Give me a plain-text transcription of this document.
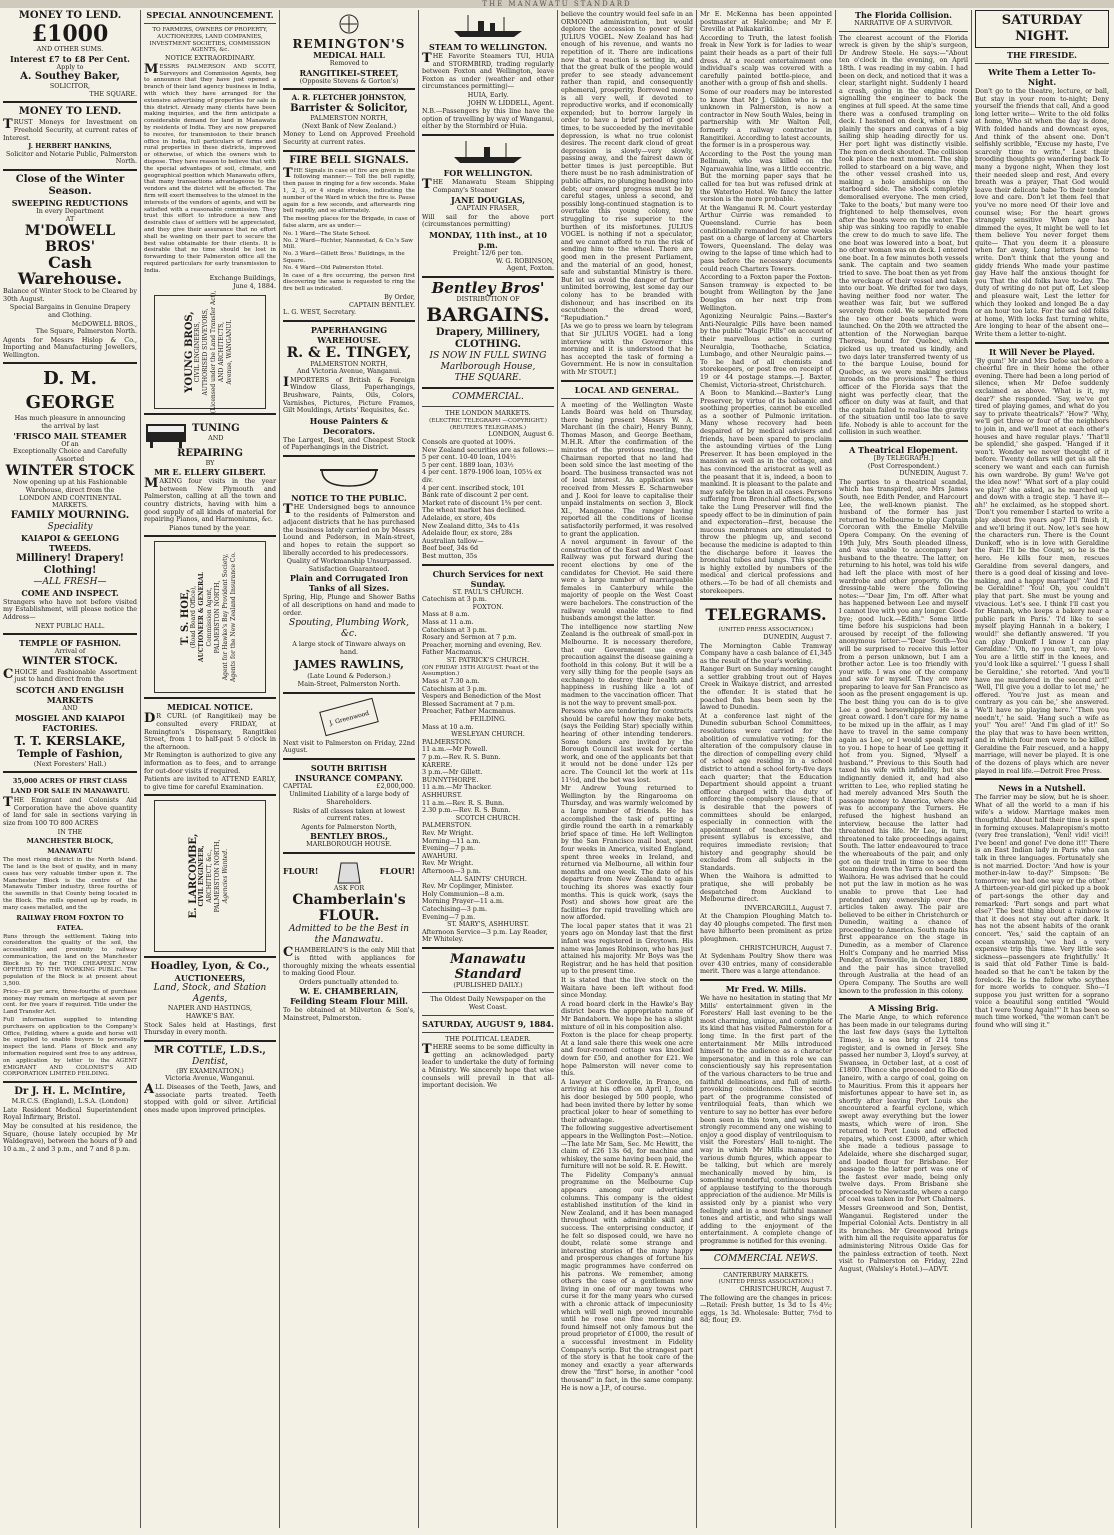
THE MANAWATU STANDARD
MONEY TO LEND.
£1000
AND OTHER SUMS.
Interest £7 to £8 Per Cent.
Apply to
A. Southey Baker,
SOLICITOR,
THE SQUARE.
MONEY TO LEND.

TRUST Moneys for Investment on Freehold Security, at current rates of Interest.

J. HERBERT HANKINS,
Solicitor and Notarie Public, Palmerston North.
Close of the Winter Season.
SWEEPING REDUCTIONS
In every Department
AT
M'DOWELL BROS'
Cash Warehouse.

Balance of Winter Stock to be Cleared by 30th August.

Special Bargains in Genuine Drapery and Clothing.

McDOWELL BROS.,
The Square, Palmerston North.

Agents for Messrs Hislop & Co., Importing and Manufacturing Jewellers, Wellington.

D. M. GEORGE
Has much pleasure in announcing
the arrival by last
'FRISCO MAIL STEAMER
Of an
Exceptionally Choice and Carefully Assorted
WINTER STOCK
Now opening up at his Fashionable Warehouse, direct from the
LONDON AND CONTINENTAL MARKETS.
FAMILY MOURNING.
Speciality
KAIAPOI & GEELONG TWEEDS.
Millinery! Drapery! Clothing!
—ALL FRESH—
COME AND INSPECT.

Strangers who have not before visited my Establishment, will please notice the Address—

NEXT PUBLIC HALL.
TEMPLE OF FASHION.
Arrival of
WINTER STOCK.

CHOICE and Fashionable Assortment just to hand direct from the

SCOTCH AND ENGLISH MARKETS
AND
MOSGIEL AND KAIAPOI FACTORIES.
T. T. KERSLAKE,
Temple of Fashion,
(Next Foresters' Hall.)
35,000 ACRES OF FIRST CLASS LAND FOR SALE IN MANAWATU.

THE Emigrant and Colonists Aid Corporation have the above quantity of land for sale in sections varying in size from 100 TO 800 ACRES

IN THE
MANCHESTER BLOCK, MANAWATU

The most rising district in the North Island. The land is the best of quality, and in many cases has very valuable timber upon it. The Manchester Block is the centre of the Manawatu Timber industry, three fourths of the sawmills in that County being located in the Block. The mills opened up by roads, in many cases metalled, and the

RAILWAY FROM FOXTON TO FATEA.

Runs through the settlement. Taking into consideration the quality of the soil, the accessibility and proximity to railway communication, the land on the Manchester Block is by far THE CHEAPEST NOW OFFERED TO THE WORKING PUBLIC. The population of the Block is at present about 3,500.

Price—£6 per acre, three-fourths of purchase money may remain on mortgage at seven per cent. for five years if required. Title under the Land Transfer Act.

Full information supplied to intending purchasers on application to the Company's Office, Feilding, where a guide and horse will be supplied to enable buyers to personally inspect the land. Plans of Block and any information required sent free to any address, on application by letter to the AGENT EMIGRANT AND COLONIST'S AID CORPORATION LIMITED FEILDING.

Dr J. H. L. McIntire,
M.R.C.S. (England), L.S.A. (London)

Late Resident Medical Superintendent Royal Infirmary, Bristol.

May be consulted at his residence, the Square, (house lately occupied by Mr Waldegrave), between the hours of 9 and 10 a.m., 2 and 3 p.m., and 7 and 8 p.m.

SPECIAL ANNOUNCEMENT.

TO FARMERS, OWNERS OF PROPERTY, AUCTIONEERS, LAND COMPANIES, INVESTMENT SOCIETIES, COMMISSION AGENTS, &c.

NOTICE EXTRAORDINARY.

MESSRS PALMERSON AND SCOTT, Surveyors and Commission Agents, beg to announce that they have just opened a branch of their land agency business in India, with which they have arranged for the extensive advertising of properties for sale in this district. Already many clients have been making inquiries, and the firm anticipate a considerable demand for land in Manawatu by residents of India. They are now prepared to receive, for transmission to their branch office in India, full particulars of farms and rural properties in these districts, improved or otherwise, of which the owners wish to dispose. They have reason to believe that with the special advantages of soil, climate, and geographical position which Manawatu offers, that many transactions advantageous to the vendors and the district will be effected. The firm will exert themselves to the utmost in the interests of the vendors of agents, and will be satisfied with a reasonable commission. They trust this effort to introduce a new and desirable class of settlers will be appreciated, and they give their assurance that no effort shall be wanting on their part to secure the best value obtainable for their clients. It is desirable that no time should be lost in forwarding to their Palmerston office all the required particulars for early transmission to India.

Exchange Buildings,
June 4, 1884.
YOUNG BROS, CIVIL ENGINEERS, AUTHORISED SURVEYORS, (Licensed under the Land Transfer Act), AND ARCHITECTS, Avenue, WANGANUI.
TUNING
AND
REPAIRING
BY
MR E. ELLERY GILBERT.

MAKING four visits in the year between New Plymouth and Palmerston, calling at all the town and country districts, having with him a good supply of all kinds of material for repairing Pianos, and Harmoniums, &c.

Pianos tuned by the year.
T. S. HOE, (Road Board Office), AUCTIONEER & GENERAL Commission Agent, PALMERSTON NORTH, Agent for Hawke's Bay Provident Society, Agents for the New Zealand Insurance Co.
MEDICAL NOTICE.

DR CURL (of Rangitikei) may be consulted every FRIDAY, at Remington's Dispensary, Rangitikei Street, from 1 to half-past 5 o'clock in the afternoon.

Mr Remington is authorized to give any information as to fees, and to arrange for out-door visits if required.

Patients are invited to ATTEND EARLY, to give time for careful Examination.

E. LARCOMBE, CIVIL ENGINEER, ARCHITECT, &c., PALMERSTON NORTH, Agencies Wanted.
Hoadley, Lyon, & Co.,
AUCTIONEERS,
Land, Stock, and Station Agents,
NAPIER AND HASTINGS,
HAWKE'S BAY.

Stock Sales held at Hastings, first Thursday in every month.

MR COTTLE, L.D.S.,
Dentist,
(BY EXAMINATION.)
Victoria Avenue, Wanganui.

ALL Diseases of the Teeth, Jaws, and associate parts treated. Teeth stopped with gold or silver. Artificial ones made upon improved principles.

REMINGTON'S
MEDICAL HALL
Removed to
RANGITIKEI-STREET,
(Opposite Stevens & Gorton's)
A. R. FLETCHER JOHNSTON,
Barrister & Solicitor,
PALMERSTON NORTH,
(Next Bank of New Zealand.)

Money to Lend on Approved Freehold Security at current rates.

FIRE BELL SIGNALS.

THE Signals in case of fire are given in the following manner:— Toll the bell rapidly, then pause in ringing for a few seconds. Make 1, 2, 3, or 4 single strokes, indicating the number of the Ward in which the fire is. Pause again for a few seconds, and afterwards ring bell rapidly, and so alternately.

The meeting places for the Brigade, in case of false alarm, are as under:—

No. 1 Ward—The State School.
No. 2 Ward—Richter, Nannestad, & Co.'s Saw Mill.
No. 3 Ward—Gillett Bros.' Buildings, in the Square.
No. 4 Ward—Old Palmerston Hotel.

In case of a fire occurring, the person first discovering the same is requested to ring the fire bell as indicated.

By Order,
CAPTAIN BENTLEY.
L. G. WEST, Secretary.
PAPERHANGING WAREHOUSE.
R. & E. TINGEY,
PALMERSTON NORTH,
And Victoria Avenue, Wanganui.

IMPORTERS of British & Foreign Window Glass, Paperhangings, Brushware, Paints, Oils, Colors, Varnishes, Pictures, Picture Frames, Gilt Mouldings, Artists' Requisites, &c.

House Painters & Decorators.

The Largest, Best, and Cheapest Stock of Paperhangings in the District.

NOTICE TO THE PUBLIC.

THE Undersigned begs to announce to the residents of Palmerston and adjacent districts that he has purchased the business lately carried on by Messrs Lound and Pederson, in Main-street, and hopes to retain the support so liberally accorded to his predecessors.

Quality of Workmanship Unsurpassed.
Satisfaction Guaranteed.
Plain and Corrugated Iron Tanks of all Sizes.

Spring, Hip, Plunge and Shower Baths of all descriptions on hand and made to order.

Spouting, Plumbing Work, &c.

A large stock of Tinware always on hand.

JAMES RAWLINS,
(Late Lound & Pederson.)
Main-Street, Palmerston North.
J. Greenwood

Next visit to Palmerston on Friday, 22nd August.

SOUTH BRITISH INSURANCE COMPANY.
CAPITAL	£2,000,000.

Unlimited Liability of a large body of Shareholders.

Risks of all classes taken at lowest current rates.

Agents for Palmerston North,
BENTLEY BROS.,
MARLBOROUGH HOUSE.
FLOUR!	FLOUR!
ASK FOR
Chamberlain's FLOUR.
Admitted to be the Best in the Manawatu.

CHAMBERLAIN'S is the only Mill that is fitted with appliances for thoroughly mixing the wheats essential to making Good Flour.

Orders punctually attended to.
W. E. CHAMBERLAIN,
Feilding Steam Flour Mill.

To be obtained at Milverton & Son's, Mainstreet, Palmerston.

STEAM TO WELLINGTON.

THE Favorite Steamers TUI, HUIA and STORMBIRD, trading regularly between Foxton and Wellington, leave Foxton as under (weather and other circumstances permitting)—

HUIA, Early.
JOHN W. LIDDELL, Agent.

N.B.—Passengers by this line have the option of travelling by way of Wanganui, either by the Stormbird or Huia.

FOR WELLINGTON.

THE Manawatu Steam Shipping Company's Steamer

JANE DOUGLAS,
CAPTAIN FRASER,

Will sail for the above port (circumstances permitting)

MONDAY, 11th inst., at 10 p.m.
Freight: 12/6 per ton.
W. G. ROBINSON,
Agent, Foxton.
Bentley Bros'
DISTRIBUTION OF
BARGAINS.
Drapery, Millinery,
CLOTHING.
IS NOW IN FULL SWING
Marlborough House,
THE SQUARE.
COMMERCIAL.
THE LONDON MARKETS.
(ELECTRIC TELEGRAPH —COPYRIGHT.) (REUTER'S TELEGRAMS.)
LONDON, August 6.
Consols are quoted at 100⅝.
New Zealand securities are as follows:—
5 per cent. 10-40 loan, 104½
5 per cent. 1889 loan, 103½
4 per cent. 1879-1906 loan, 105¼ ex div.
4 per cent. inscribed stock, 101
Bank rate of discount 2 per cent.
Market rate of discount 1⅝ per cent.
The wheat market has declined.
Adelaide, ex store, 40s
New Zealand ditto, 34s to 41s
Adelaide flour, ex store, 28s
Australian tallow—
Beef beef, 34s 6d
Best mutton, 35s
Church Services for next Sunday.
ST. PAUL'S CHURCH.
Catechism at 3 p.m.
FOXTON.
Mass at 8 a.m.
Mass at 11 a.m.
Catechism at 3 p.m.
Rosary and Sermon at 7 p.m.
Preacher, morning and evening, Rev. Father Macmanus.
ST. PATRICK'S CHURCH.
(ON FRIDAY 15TH AUGUST. Feast of the Assumption.)
Mass at 7.30 a.m.
Catechism at 3 p.m.
Vespers and Benediction of the Most Blessed Sacrament at 7 p.m.
Preacher, Father Macmanus.
FEILDING.
Mass at 10 a.m.
WESLEYAN CHURCH.
PALMERSTON.
11 a.m.—Mr Powell.
7 p.m.—Rev. R. S. Bunn.
KARERE.
3 p.m.—Mr Gillett.
BUNNYTHORPE.
11 a.m.—Mr Thacker.
ASHHURST.
11 a.m.—Rev. R. S. Bunn.
2.30 p.m.—Rev. R. S. Bunn.
SCOTCH CHURCH.
PALMERSTON.
Rev. Mr Wright.
Morning—11 a.m.
Evening—7 p.m.
AWAHURI.
Rev. Mr Wright.
Afternoon—3 p.m.
ALL SAINTS' CHURCH.
Rev. Mr Coplinger, Minister.
Holy Communion—8 a.m.
Morning Prayer—11 a.m.
Catechising—3 p.m.
Evening—7 p.m.
ST. MARY'S, ASHHURST.
Afternoon Service—3 p.m. Lay Reader, Mr Whiteley.
Manawatu Standard
(PUBLISHED DAILY.)
The Oldest Daily Newspaper on the West Coast.
SATURDAY, AUGUST 9, 1884.
THE POLITICAL LEADER.

THERE seems to be some difficulty in getting an acknowledged party leader to undertake the duty of forming a Ministry. We sincerely hope that wise counsels will prevail in that all-important decision. We

believe the country would feel safe in an ORMOND administration, but would deplore the accession to power of Sir JULIUS VOGEL. New Zealand has had enough of his revenue, and wants no repetition of it. There are indications now that a reaction is setting in, and that the great bulk of the people would prefer to see steady advancement rather than rapid, and consequently ephemeral, prosperity. Borrowed money is all very well, if devoted to reproductive works, and if economically expended; but to borrow largely in order to have a brief period of good times, to be succeeded by the inevitable depression, is what no true colonist desires. The recent dark cloud of great depression is slowly—very slowly, passing away, and the fairest dawn of better times is just perceptible. But there must be no rash administration of public affairs, no plunging headlong into debt; our onward progress must be by careful stages, unless a second, and possibly long-continued stagnation is to overtake this young colony, now struggling to rise superior to the burthen of its misfortunes. JULIUS VOGEL is nothing if not a speculator, and we cannot afford to run the risk of sending him to the wheel. There are good men in the present Parliament, and the material of an good, honest, safe and substantial Ministry is there. But let us avoid the danger of further unlimited borrowing, lest some day our colony has to be branded with dishonour, and has inscribed on its escutcheon the dread word, "Repudiation."

[As we go to press we learn by telegram that Sir JULIUS VOGEL had a long interview with the Governor this morning and it is understood that he has accepted the task of forming a Government. He is now in consultation with Mr STOUT.]

LOCAL AND GENERAL.

A meeting of the Wellington Waste Lands Board was held on Thursday, there being present Messrs W. A. Marchant (in the chair), Henry Bunny, Thomas Mason, and George Beetham, M.H.R. After the confirmation of the minutes of the previous meeting, the Chairman reported that no land had been sold since the last meeting of the board. The business transacted was not of local interest. An application was received from Messrs E. Scharnweber and J. Kooi for leave to capitalise their unpaid instalments on section 3, Block XI., Mangaone. The ranger having reported all the conditions of license satisfactorily performed, it was resolved to grant the application.

A novel argument in favour of the construction of the East and West Coast Railway was put forward during the recent elections by one of the candidates for Cheviot. He said there were a large number of marriageable females in Canterbury while the majority of people on the West Coast were bachelors. The construction of the railway would enable those to find husbands amongst the latter.

The intelligence now startling New Zealand is the outbreak of small-pox in Melbourne. It is necessary therefore, that our Government use every precaution against the disease gaining a foothold in this colony. But it will be a very silly thing for the people (says an exchange) to destroy their health and happiness in rushing like a lot of madmen to the vaccination officer. That is not the way to prevent small-pox.

Persons who are tendering for contracts should be careful how they make bets, (says the Feilding Star) specially within hearing of other intending tenderers. Some tenders are invited by the Borough Council last week for certain work, and one of the applicants bet that it would not be done under 12s per acre. The Council let the work at 11s 11½d, and the bet was lost.

Mr Andrew Young returned to Wellington by the Ringarooma on Thursday, and was warmly welcomed by a large number of friends. He has accomplished the task of putting a girdle round the earth in a remarkably brief space of time. He left Wellington by the San Francisco mail boat, spent four weeks in America, visited England, spent three weeks in Ireland, and returned via Melbourne, all within four months and one week. The date of his departure from New Zealand to again touching its shores was exactly four months. This is quick work, (says the Post) and shows how great are the facilities for rapid travelling which are now afforded.

The local paper states that it was 21 years ago on Monday last that the first infant was registered in Greytown. His name was James Robinson, who has just attained his majority. Mr Boys was the Registrar, and he has held that position up to the present time.

It is stated that the live stock on the Waitara have been left without food since Monday.

A road board clerk in the Hawke's Bay district bears the appropriate name of Mr Bandaborn. We hope he has a slight mixture of oil in his composition also.

Foxton is the place for cheap property. At a land sale there this week one acre and four-roomed cottage was knocked down for £50, and another for £21. We hope Palmerston will never come to this.

A lawyer at Cordovelle, in France, on arriving at his office on April 1, found his door besieged by 500 people, who had been invited there by letter by some practical joker to hear of something to their advantage.

The following suggestive advertisement appears in the Wellington Post:—Notice.—The late Mr Sam, Sec. Mc Hewitt, the claim of £26 13s 6d, for machine and whiskey, the same having been paid, the furniture will not be sold. R. E. Hewitt.

The Fidelity Company's annual programme on the Melbourne Cup appears among our advertising columns. This company is the oldest established institution of the kind in New Zealand, and it has been managed throughout with admirable skill and success. The enterprising conductor, if he felt so disposed could, we have no doubt, relate some strange and interesting stories of the many happy and prosperous changes of fortune his magic programmes have conferred on his patrons. We remember, among others the case of a gentleman now living in one of our many towns who curse it for the many years who cursed with a chronic attack of impecuniosity which will well nigh proved incurable until he rose one fine morning and found himself not only famous but the proud proprietor of £1000, the result of a successful investment in Fidelity Company's scrip. But the strangest part of the story is that he took care of the money and exactly a year afterwards drew the "first" horse, in another "cool thousand" in fact, in the same company. He is now a J.P., of course.

Mr E. McKenna has been appointed postmaster at Halcombe; and Mr F. Greville at Paikakariki.

According to Truth, the latest foolish freak in New York is for ladies to wear paint their heads as a part of their full dress. At a recent entertainment one individual's scalp was covered with a carefully painted bottle-piece, and another with a group of fish and shells.

Some of our readers may be interested to know that Mr J. Gilden who is not unknown in Palmerston, is now a contractor in New South Wales, being in partnership with Mr Walton Pell, formerly a railway contractor in Rangitikei. According to latest accounts, the former is in a prosperous way.

According to the Post the young man Bellmain, who was killed on the Ngaruawahia line, was a little eccentric. But the morning paper says that he called for tea but was refused drink at the Waterloo Hotel. We fancy the latter version is the more probable.

At the Wanganui R. M. Court yesterday Arthur Currie was remanded to Queensland. Currie has been conditionally remanded for some weeks past on a charge of larceny at Charters Towers, Queensland. The delay was owing to the lapse of time which had to pass before the necessary documents could reach Charters Towers.

According to a Foxton paper the Foxton-Sanson tramway is expected to be bought from Wellington by the Jane Douglas on her next trip from Wellington.

Agonizing Neuralgic Pains.—Baxter's Anti-Neuralgic Pills have been named by the public "Magic Pills" on account of their marvellous action in curing Neuralgia, Toothache, Sciatica, Lumbago, and other Neuralgic pains.—To be had of all chemists and storekeepers, or post free on receipt of 19 or 44 postage stamps.—J. Baxter, Chemist, Victoria-street, Christchurch.

A Boon to Mankind.—Baxter's Lung Preserver, by virtue of its balsamic and soothing properties, cannot be excelled as a soother of Pulmonic irritation. Many whose recovery had been despaired of by medical advisers and friends, have been spared to proclaim the astounding virtues of the Lung Preserver. It has been employed in the mansion as well as in the cottage, and has convinced the aristocrat as well as the peasant that it is, indeed, a boon to mankind. It is pleasant to the palate and may safely be taken in all cases. Persons suffering from Bronchial affections, who take the Lung Preserver will find the speedy effect to be in diminution of pain and expectoration—first, because the mucous membranes are stimulated to throw the phlegm up, and second because the medicine is adapted to thin the discharge before it leaves the bronchial tubes and lungs. This specific is highly extolled by numbers of the medical and clerical professions and others.—To be had of all chemists and storekeepers.

TELEGRAMS.
(UNITED PRESS ASSOCIATION.)
DUNEDIN, August 7.

The Mornington Cable Tramway Company have a cash balance of £1,345 as the result of the year's working.

Ranger Burt on Sunday morning caught a settler grabbing trout out of Hayes Creek in Waikaye district, and arrested the offender. It is stated that he poached fish has been seen by the lawed to Dunedin.

At a conference last night of the Dunedin suburban School Committees, resolutions were carried for the abolition of cumulative voting; for the alteration of the compulsory clause in the direction of compelling every child of school age residing in a school district to attend a school forty-five days each quarter; that the Education Department should appoint a truant officer charged with the duty of enforcing the compulsory clause; that it is desirable that the powers of committees should be enlarged, especially in connection with the appointment of teachers; that the present syllabus is excessive, and requires immediate revision; that history and geography should be excluded from all subjects in the Standards.

When the Waihora is admitted to pratique, she will probably be despatched from Auckland to Melbourne direct.

INVERCARGILL, August 7.

At the Champion Ploughing Match to-day 40 ploughs competed. The first men have hitherto been prominent as prize ploughmen.

CHRISTCHURCH, August 7.

At Sydenham Poultry Show there was over 430 entries, many of considerable merit. There was a large attendance.

Mr Fred. W. Mills.

We have no hesitation in stating that Mr Mills' entertainment given in the Foresters' Hall last evening to be the most charming, unique, and complete of its kind that has visited Palmerston for a long time. In the first part of the entertainment Mr Mills introduced himself to the audience as a character impersonator, and in this role we can conscientiously say his representation of the various characters to be true and faithful delineations, and full of mirth-provoking coincidences. The second part of the programme consisted of ventriloquial feats, than which we venture to say no better has ever before been seen in this town, and we would strongly recommend any one wishing to enjoy a good display of ventriloquism to visit the Foresters' Hall to-night. The way in which Mr Mills manages the various dumb figures, which appear to be talking, but which are merely mechanically moved by him, is something wonderful, continuous bursts of applause testifying to the thorough appreciation of the audience. Mr Mills is assisted only by a pianist who very feelingly and in a most faithful manner tones and artistic, and who sings wall adding to the enjoyment of the entertainment. A complete change of programme is notified for this evening.

COMMERCIAL NEWS.
CANTERBURY MARKETS.
(UNITED PRESS ASSOCIATION.)
CHRISTCHURCH, August 7.

The following are the changes in prices:—Retail: Fresh butter, 1s 3d to 1s 4½; eggs, 1s 3d. Wholesale: Butter, 7½d to 8d; flour, £9.

The Florida Collision.
NARRATIVE OF A SURVIVOR.

The clearest account of the Florida wreck is given by the ship's surgeon, Dr Andrew Steele. He says:—"About ten o'clock in the evening, on April 18th. I was reading in my cabin. I had been on deck, and noticed that it was a clear, starlight night. Suddenly I heard a crash, going in the engine room signalling the engineer to back the engines at full speed. At the same time there was a confused trampling on deck. I hastened on deck, when I saw plainly the spars and canvas of a big sailing ship heading directly for us. Her port light was distinctly visible. The men on deck shouted. The collision took place the next moment. The ship rolled to starboard on a big wave, and the other vessel crashed into us, making a hole amidships on the starboard side. The shock completely demoralised everyone. The men cried, 'Take to the boats,' but many were too frightened to help themselves, even after the boats were on the water. The ship was sinking too rapidly to enable the crew to do much to save life. The one boat was lowered into a boat, but no other woman was on deck. I entered one boat. In a few minutes both vessels sank. The captain and two seamen tried to save. The boat then as yet from the wreckage of their vessel and taken into our boat. We drifted for two days, having neither food nor water. The weather was fair, but we suffered severely from cold. We separated from the two other boats which were launched. On the 20th we attracted the attention of the Norwegian barque Theresa, bound for Quebec, which picked us up, treated us kindly, and two days later transferred twenty of us to the barque Louise, bound for Quebec, as we were making serious inroads on the provisions." The third officer of the Florida says that the night was perfectly clear, that the officer on duty was at fault, and that the captain failed to realise the gravity of the situation until too late to save life. Nobody is able to account for the collision in such weather.

A Theatrical Elopement.
[By TELEGRAPH.]
(Post Correspondent.)
DUNEDIN, August 7.

The parties to a theatrical scandal, which has transpired, are Mrs James South, nee Edith Pender, and Harcourt Lee, the well-known pianist. The husband of the former has just returned to Melbourne to play Captain Corcoran with the Emelie Melville Opera Company. On the evening of 19th July, Mrs South pleaded illness, and was unable to accompany her husband to the theatre. The latter, on returning to his hotel, was told his wife had left the place with most of her wardrobe and other property. On the dressing-table were the following notes:—"Dear Jim, I'm off. After what has happened between Lee and myself I cannot live with you any longer. Good-bye; good luck.—Edith." Some little time before his suspicions had been aroused by receipt of the following anonymous letter:—"Dear South—You will be surprised to receive this letter from a person unknown, but I am a brother actor. Lee is too friendly with your wife. I was one of the company and saw for myself. They are now preparing to leave for San Francisco as soon as the present engagement is up. The best thing you can do is to give Lee a good horsewhipping. He is a great coward. I don't care for my name to be mixed up in the affair, as I may have to travel in the same company again as Lee, or I would speak myself to you. I hope to hear of Lee getting it hot from you. Signed, 'Myself a husband.'" Previous to this South had taxed his wife with infidelity, but she indignantly denied it, and had also written to Lee, who replied stating he had merely advanced Mrs South the passage money to America, where she was to accompany the Turners. He refused the highest husband an interview, because the latter had threatened his life. Mr Lee, in turn, threatened to take proceedings against South. The latter endeavoured to trace the whereabouts of the pair, and only got on their trail in time to see them steaming down the Yarra on board the Waihora. He was advised that he could not put the law in motion as he was unable to prove that Lee had pretended any ownership over the articles taken away. The pair are believed to be either in Christchurch or Dunedin, waiting a chance of proceeding to America. South made his first appearance on the stage in Dunedin, as a member of Clarence Holt's Company and he married Miss Pender, at Townsville, in October, 1880, and the pair has since travelled through Australia at the head of an Opera Company. The Souths are well known to the profession in this colony.

A Missing Brig.

The Marie Ange, to which reference has been made in our telegrams during the last few days (says the Lyttelton Times), is a sea brig of 214 tons register, and is owned in Jersey. She passed her number 3, Lloyd's survey, at Swansea, in October last, at a cost of £1800. Thence she proceeded to Rio de Janeiro, with a cargo of coal, going on to Mauritius. From this it appears her misfortunes appear to have set in, as shortly after leaving Port Louis she encountered a fearful cyclone, which swept away everything but the lower masts, which were of iron. She returned to Port Louis and effected repairs, which cost £3000, after which she made a tedious passage to Adelaide, where she discharged sugar, and loaded flour for Brisbane. Her passage to the latter port was one of the fastest ever made, being only twelve days. From Brisbane she proceeded to Newcastle, where a cargo of coal was taken in for Port Chalmers.

Messrs Greenwood and Son, Dentist, Wanganui. Registered under the Imperial Colonial Acts. Dentistry in all its branches. Mr Greenwood brings with him all the requisite apparatus for administering Nitrous Oxide Gas for the painless extraction of teeth. Next visit to Palmerston on Friday, 22nd August, (Walsley's Hotel.)—ADVT.

SATURDAY NIGHT.
THE FIRESIDE.
Write Them a Letter To-Night.

Don't go to the theatre, lecture, or ball, But stay in your room to-night; Deny yourself the friends that call, And a good long letter write— Write to the old folks at home, Who sit when the day is done, With folded hands and downcast eyes, And think of the absent one. Don't selfishly scribble, "Excuse my haste, I've scarcely time to write," Lest their brooding thoughts go wandering back To many a bygone night, When they lost their needed sleep and rest, And every breath was a prayer, That God would leave their delicate babe To their tender love and care. Don't let them feel that you've no more need Of their love and counsel wise; For the heart grows strangely sensitive When age has dimmed the eyes, It might be well to let them believe You never forget them quite— That you deem it a pleasure when far away, Long letters home to write. Don't think that the young and giddy friends Who made your pastime gay Have half the anxious thought for you That the old folks have to-day. The duty of writing do not put off, Let sleep and pleasure wait, Lest the letter for which they looked and longed Be a day or an hour too late. For the sad old folks at home, With locks fast turning white, Are longing to hear of the absent one— Write them a letter to-night.

It Will Never be Played.

'By gum!' Mr and Mrs Defoe sat before a cheerful fire in their home the other evening. There had been a long period of silence, when Mr Defoe suddenly exclaimed as above. 'What is it, my dear?' she responded. 'Say, we've got tired of playing games, and what do you say to private theatricals?' 'How?' 'Why, we'll get three or four of the neighbors to join in, and we'll meet at each other's houses and have regular plays.' 'That'll be splendid,' she gasped. 'Hanged if it won't. Wonder we never thought of it before. Twenty dollars will get us all the scenery we want and each can furnish his own wardrobe. By gum! We've got the idea now!' 'What sort of a play could we play?' she asked, as he marched up and down with a tragic step. 'I have it—ah!' he exclaimed, as he stopped short. 'Don't you remember I started to write a play about five years ago? I'll finish it, and we'll bring it out. Now, let's see how the characters run. There is the Count Dunkoff, who is in love with Geraldine the Fair. I'll be the Count, so he is the hero. He kills four men, rescues Geraldine from several dangers, and there is a good deal of kissing and love-making, and a happy marriage!' 'And I'll be Geraldine!' 'You! Oh, you couldn't play that part. She must be young and vivacious. Let's see. I think I'll cast you for Hannah, who keeps a bakery near a public park in Paris.' 'I'd like to see myself playing Hannah in a bakery, I would!' she defiantly answered. 'If you can play Dunkoff I know I can play Geraldine.' 'Oh, no you can't, my love. You are a little stiff in the knees, and you'd look like a squirrel.' 'I guess I shall be Geraldine,' she retorted. 'And you'll have me murdered in the second act!' 'Well, I'll give you a dollar to let me,' he offered. 'You're just as mean and contrary as you can be,' she answered. 'We'll have no playing here.' 'Then you needn't,' he said. 'Hang such a wife as you!' 'You are!' 'And I'm glad of it!' So the play that was to have been written, and in which four men were to be killed, Geraldine the Fair rescued, and a happy marriage, will never be played. It is one of the dozens of plays which are never played in real life.—Detroit Free Press.

News in a Nutshell.

The farrier may be slow, but he is shoer. What of all the world to a man if his wife's a widow. Marriage makes men thoughtful. About half their time is spent in forming excuses. Malapropism's motto (very free translation), 'Veni! vidi! vici!! I've been! and gone! I've done it!!' There is an East Indian lady in Paris who can talk in three languages. Fortunately she is not married. Doctor: 'And how is your mother-in-law to-day?' Simpson: 'Be tomorrow; we had one way or the other.' A thirteen-year-old girl picked up a book of part-songs the other day and remarked: 'Part songs and part what else?' The best thing about a rainbow is that it does not stay out after dark. It has not the absent habits of the orank concert. 'Yes,' said the captain of an ocean steamship, 'we had a very expensive trip this time. Very little sea-sickness—passengers ate frightfully.' It is said that old Father Time is bald-headed so that he can't be taken by the forelock. He is the fellow who scythes for more worlds to conquer. Sho—'I suppose you just written for a soprano voice a beautiful song entitled "Would that I were Young Again!"' It has been so much time worked, "the woman can't be found who will sing it."
